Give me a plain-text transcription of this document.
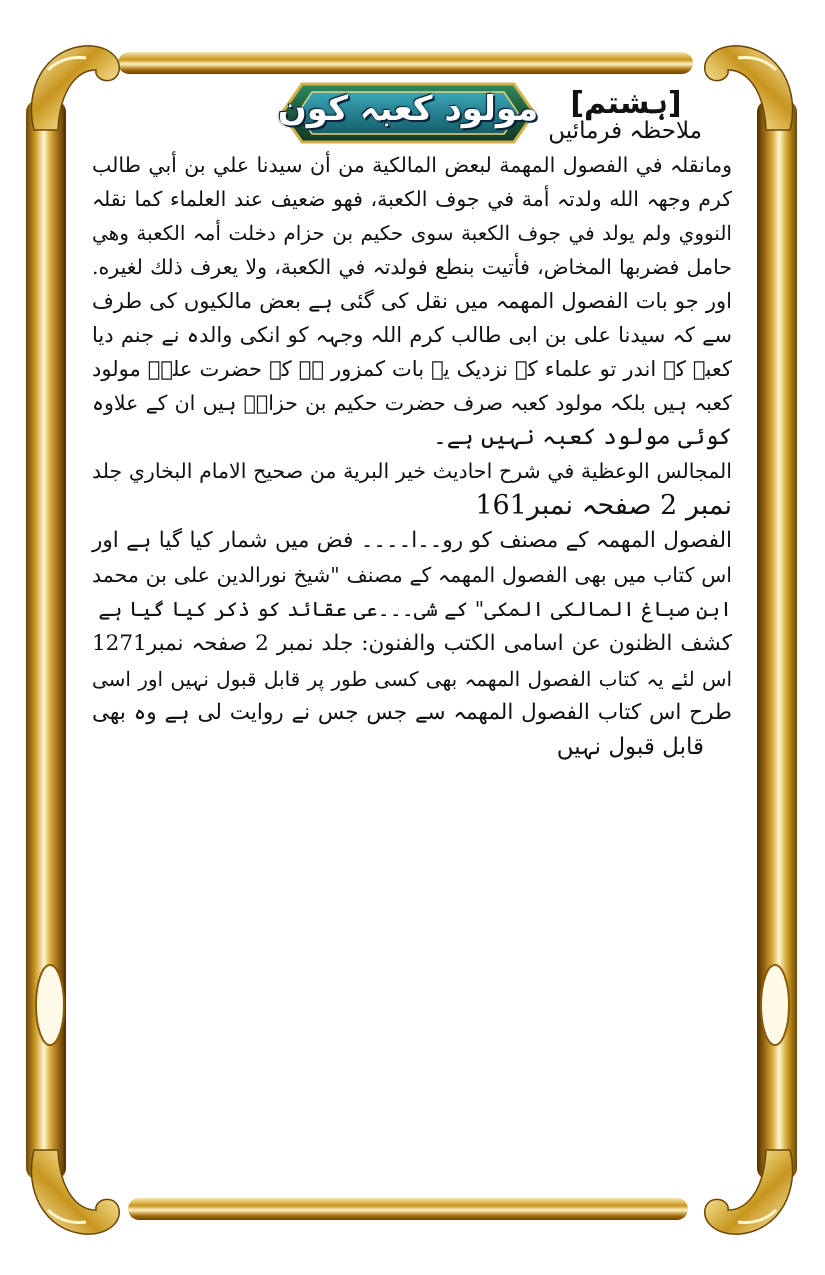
مولود کعبہ کون	[ہشتم]
ملاحظہ فرمائیں
ومانقلہ في الفصول المھمة لبعض المالكية من أن سيدنا علي بن أبي طالب
كرم وجهہ الله ولدتہ أمة في جوف الكعبة، فھو ضعيف عند العلماء كما نقلہ
النووي ولم يولد في جوف الكعبة سوى حكيم بن حزام دخلت أمہ الكعبة وهي
حامل فضربها المخاض، فأتيت بنطع فولدتہ في الكعبة، ولا يعرف ذلك لغيره.
اور جو بات الفصول المھمہ میں نقل کی گئی ہے بعض مالکیوں کی طرف
سے کہ سیدنا علی بن ابی طالب کرم اللہ وجہہ کو انکی والدہ نے جنم دیا
کعبہ کے اندر تو علماء کے نزدیک یہ بات کمزور ہے کہ حضرت علیؓ مولود
کعبہ ہیں بلکہ مولود کعبہ صرف حضرت حکیم بن حزامؓ ہیں ان کے علاوہ
کوئی مولود کعبہ نہیں ہے۔
المجالس الوعظية في شرح احاديث خير البرية من صحيح الامام البخاري جلد
نمبر 2 صفحہ نمبر161
الفصول المھمہ کے مصنف کو رو۔۔ا۔۔۔۔ فض میں شمار کیا گیا ہے اور
اس کتاب میں بھی الفصول المھمہ کے مصنف "شیخ نورالدین علی بن محمد
ابن صباغ المالکی المکی" کے شی۔۔۔عی عقائد کو ذکر کیا گیا ہے
کشف الظنون عن اسامی الکتب والفنون: جلد نمبر 2 صفحہ نمبر1271
اس لئے یہ کتاب الفصول المھمہ بھی کسی طور پر قابل قبول نہیں اور اسی
طرح اس کتاب الفصول المھمہ سے جس جس نے روایت لی ہے وہ بھی
قابل قبول نہیں
